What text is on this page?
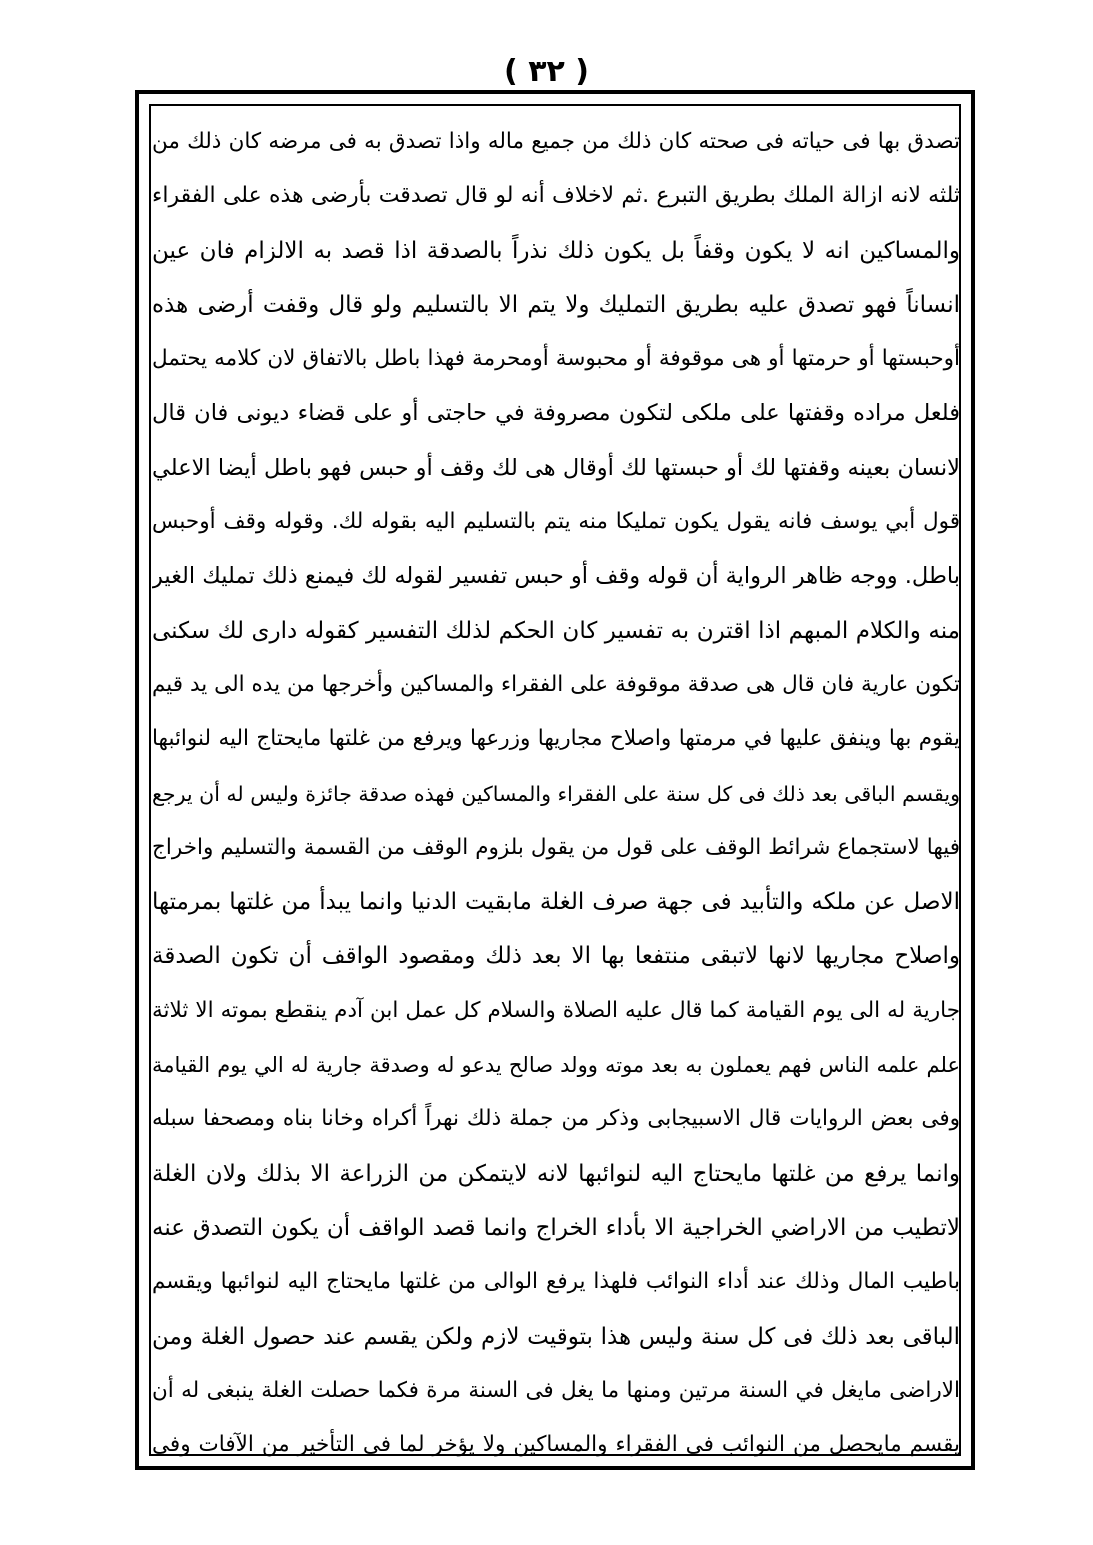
( ٣٢ )
تصدق بها فى حياته فى صحته كان ذلك من جميع ماله واذا تصدق به فى مرضه كان ذلك من
ثلثه لانه ازالة الملك بطريق التبرع .ثم لاخلاف أنه لو قال تصدقت بأرضى هذه على الفقراء
والمساكين انه لا يكون وقفاً بل يكون ذلك نذراً بالصدقة اذا قصد به الالزام فان عين
انساناً فهو تصدق عليه بطريق التمليك ولا يتم الا بالتسليم ولو قال وقفت أرضى هذه
أوحبستها أو حرمتها أو هى موقوفة أو محبوسة أومحرمة فهذا باطل بالاتفاق لان كلامه يحتمل
فلعل مراده وقفتها على ملكى لتكون مصروفة في حاجتى أو على قضاء ديونى فان قال
لانسان بعينه وقفتها لك أو حبستها لك أوقال هى لك وقف أو حبس فهو باطل أيضا الاعلي
قول أبي يوسف فانه يقول يكون تمليكا منه يتم بالتسليم اليه بقوله لك. وقوله وقف أوحبس
باطل. ووجه ظاهر الرواية أن قوله وقف أو حبس تفسير لقوله لك فيمنع ذلك تمليك الغير
منه والكلام المبهم اذا اقترن به تفسير كان الحكم لذلك التفسير كقوله دارى لك سكنى
تكون عارية فان قال هى صدقة موقوفة على الفقراء والمساكين وأخرجها من يده الى يد قيم
يقوم بها وينفق عليها في مرمتها واصلاح مجاريها وزرعها ويرفع من غلتها مايحتاج اليه لنوائبها
ويقسم الباقى بعد ذلك فى كل سنة على الفقراء والمساكين فهذه صدقة جائزة وليس له أن يرجع
فيها لاستجماع شرائط الوقف على قول من يقول بلزوم الوقف من القسمة والتسليم واخراج
الاصل عن ملكه والتأبيد فى جهة صرف الغلة مابقيت الدنيا وانما يبدأ من غلتها بمرمتها
واصلاح مجاريها لانها لاتبقى منتفعا بها الا بعد ذلك ومقصود الواقف أن تكون الصدقة
جارية له الى يوم القيامة كما قال عليه الصلاة والسلام كل عمل ابن آدم ينقطع بموته الا ثلاثة
علم علمه الناس فهم يعملون به بعد موته وولد صالح يدعو له وصدقة جارية له الي يوم القيامة
وفى بعض الروايات قال الاسبيجابى وذكر من جملة ذلك نهراً أكراه وخانا بناه ومصحفا سبله
وانما يرفع من غلتها مايحتاج اليه لنوائبها لانه لايتمكن من الزراعة الا بذلك ولان الغلة
لاتطيب من الاراضي الخراجية الا بأداء الخراج وانما قصد الواقف أن يكون التصدق عنه
باطيب المال وذلك عند أداء النوائب فلهذا يرفع الوالى من غلتها مايحتاج اليه لنوائبها ويقسم
الباقى بعد ذلك فى كل سنة وليس هذا بتوقيت لازم ولكن يقسم عند حصول الغلة ومن
الاراضى مايغل في السنة مرتين ومنها ما يغل فى السنة مرة فكما حصلت الغلة ينبغى له أن
يقسم مايحصل من النوائب فى الفقراء والمساكين ولا يؤخر لما فى التأخير من الآفات وفى
